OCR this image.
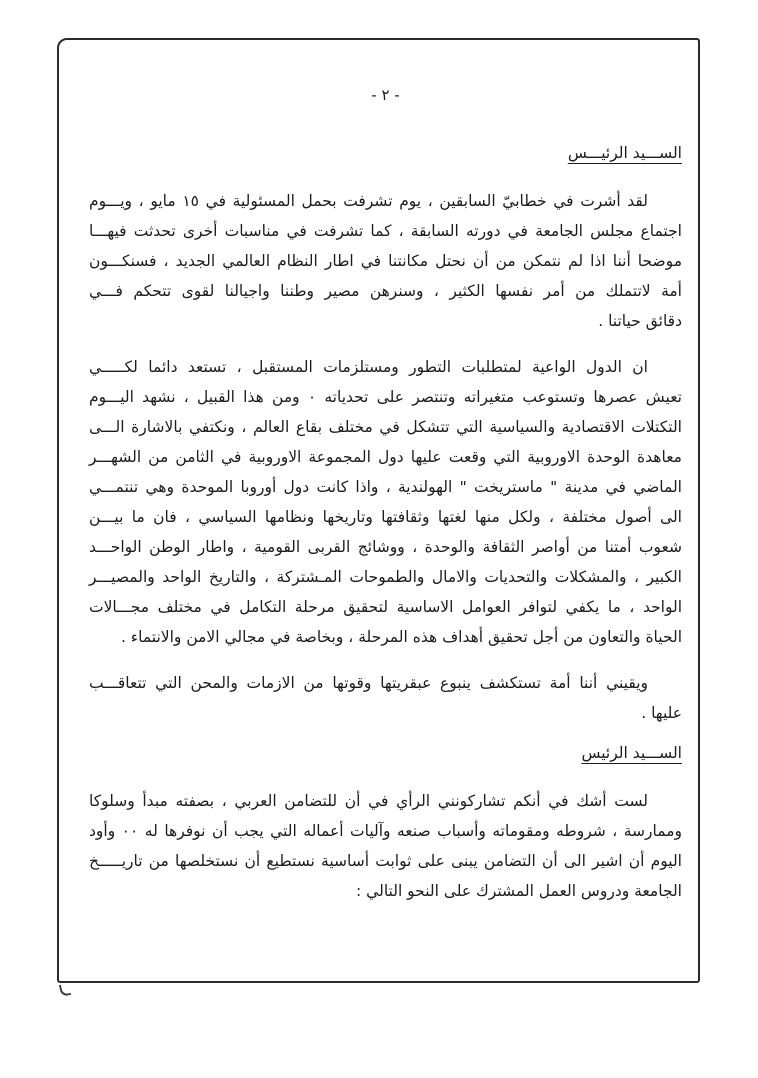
- ٢ -
الســـيد الرئيـــس
لقد أشرت في خطابيّ السابقين ، يوم تشرفت بحمل المسئولية في ١٥ مايو ، ويـــوم
اجتماع مجلس الجامعة في دورته السابقة ، كما تشرفت في مناسبات أخرى تحدثت فيهـــا
موضحا أننا اذا لم نتمكن من أن نحتل مكانتنا في اطار النظام العالمي الجديد ، فسنكـــون
أمة لاتتملك من أمر نفسها الكثير ، وسنرهن مصير وطننا واجيالنا لقوى تتحكم فـــي
دقائق حياتنا .
ان الدول الواعية لمتطلبات التطور ومستلزمات المستقبل ، تستعد دائما لكـــــي
تعيش عصرها وتستوعب متغيراته وتنتصر على تحدياته ٠ ومن هذا القبيل ، نشهد اليـــوم
التكتلات الاقتصادية والسياسية التي تتشكل في مختلف بقاع العالم ، ونكتفي بالاشارة الـــى
معاهدة الوحدة الاوروبية التي وقعت عليها دول المجموعة الاوروبية في الثامن من الشهـــر
الماضي في مدينة " ماستريخت " الهولندية ، واذا كانت دول أوروبا الموحدة وهي تنتمـــي
الى أصول مختلفة ، ولكل منها لغتها وثقافتها وتاريخها ونظامها السياسي ، فان ما بيـــن
شعوب أمتنا من أواصر الثقافة والوحدة ، ووشائج القربى القومية ، واطار الوطن الواحـــد
الكبير ، والمشكلات والتحديات والامال والطموحات المـشتركة ، والتاريخ الواحد والمصيـــر
الواحد ، ما يكفي لتوافر العوامل الاساسية لتحقيق مرحلة التكامل في مختلف مجـــالات
الحياة والتعاون من أجل تحقيق أهداف هذه المرحلة ، وبخاصة في مجالي الامن والانتماء .
ويقيني أننا أمة تستكشف ينبوع عبقريتها وقوتها من الازمات والمحن التي تتعاقـــب
عليها .
الســـيد الرئيس
لست أشك في أنكم تشاركونني الرأي في أن للتضامن العربي ، بصفته مبدأ وسلوكا
وممارسة ، شروطه ومقوماته وأسباب صنعه وآليات أعماله التي يجب أن نوفرها له ٠٠ وأود
اليوم أن اشير الى أن التضامن يبنى على ثوابت أساسية نستطيع أن نستخلصها من تاريـــــخ
الجامعة ودروس العمل المشترك على النحو التالي :
